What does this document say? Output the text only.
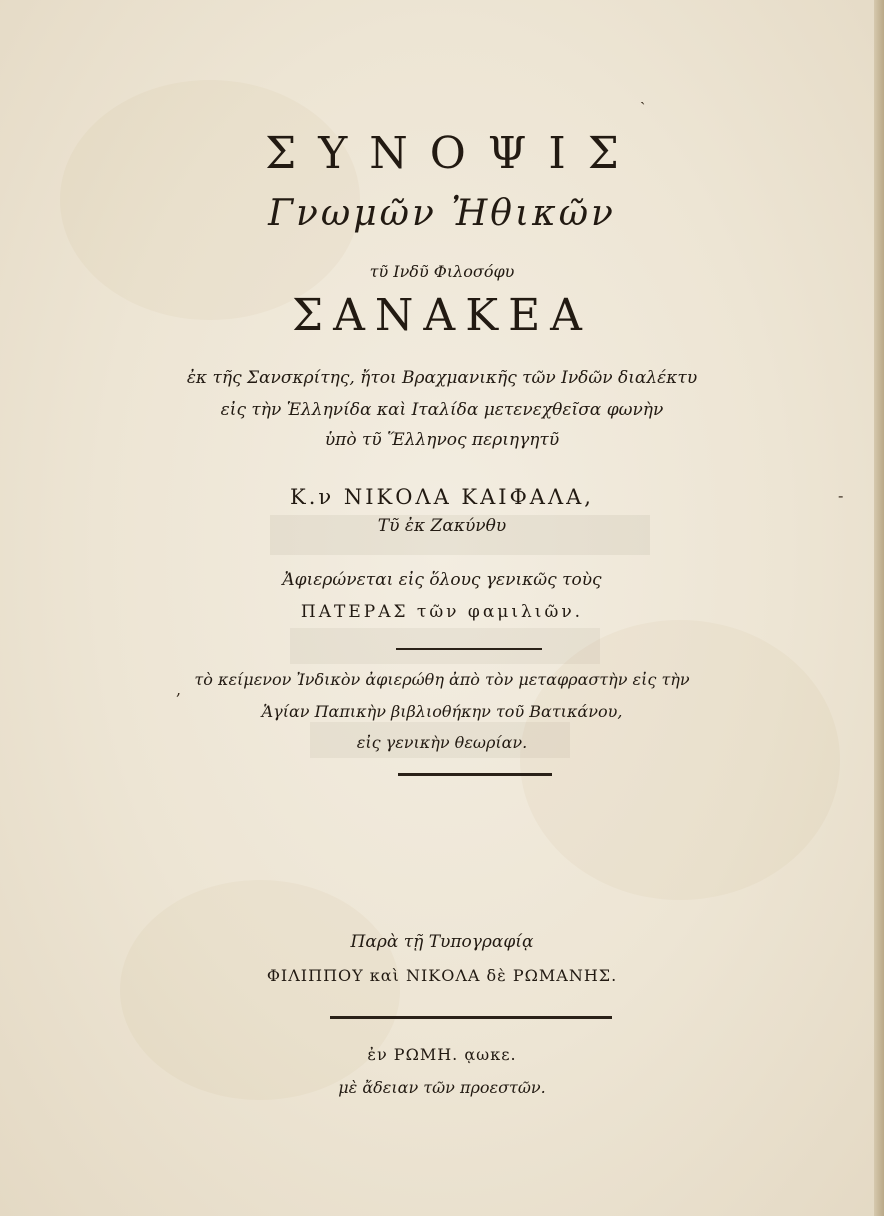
ΣΥΝΟΨΙΣ
Γνωμῶν Ἠθικῶν
τῦ Ινδῦ Φιλοσόφυ
ΣΑΝΑΚΕΑ
ἐκ τῆς Σανσκρίτης, ἤτοι Βραχμανικῆς τῶν Ινδῶν διαλέκτυ
εἰς τὴν Ἑλληνίδα καὶ Ιταλίδα μετενεχθεῖσα φωνὴν
ὑπὸ τῦ Ἕλληνος περιηγητῦ
Κ.ν ΝΙΚΟΛΑ ΚΑΙΦΑΛΑ,
Τῦ ἐκ Ζακύνθυ
Ἀφιερώνεται εἰς ὅλους γενικῶς τοὺς
ΠΑΤΕΡΑΣ τῶν φαμιλιῶν.
τὸ κείμενον Ἰνδικὸν ἀφιερώθη ἀπὸ τὸν μεταφραστὴν εἰς τὴν
Ἁγίαν Παπικὴν βιβλιοθήκην τοῦ Βατικάνου,
εἰς γενικὴν θεωρίαν.
Παρὰ τῇ Τυπογραφίᾳ
ΦΙΛΙΠΠΟΥ καὶ ΝΙΚΟΛΑ δὲ ΡΩΜΑΝΗΣ.
ἐν ΡΩΜΗ. ᾳωκε.
μὲ ἄδειαν τῶν προεστῶν.
,
ˏ
‐
